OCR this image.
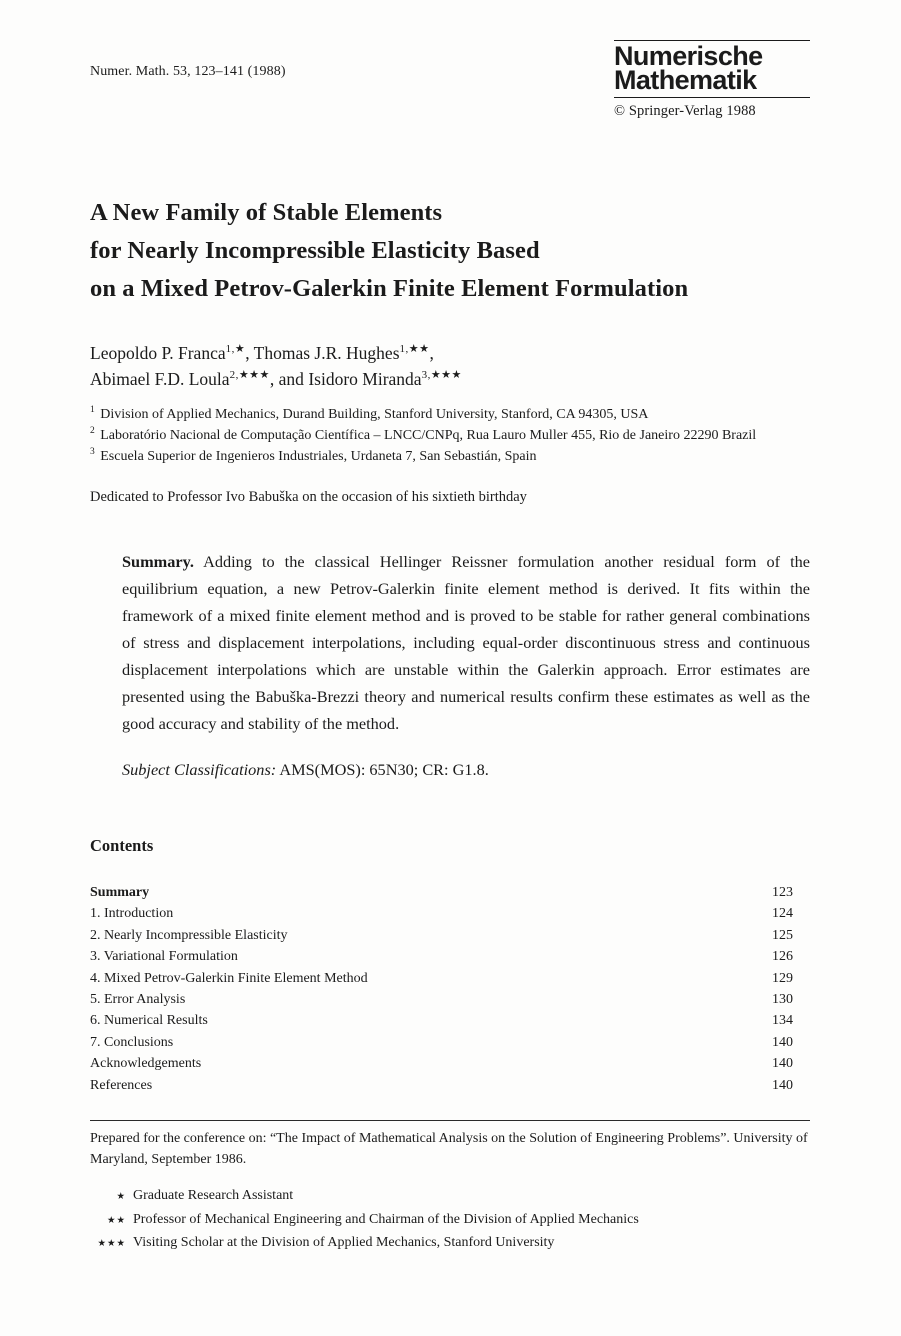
Numer. Math. 53, 123–141 (1988)
Numerische
Mathematik
© Springer-Verlag 1988
A New Family of Stable Elements
for Nearly Incompressible Elasticity Based
on a Mixed Petrov-Galerkin Finite Element Formulation

Leopoldo P. Franca$^{1,★}$, Thomas J.R. Hughes$^{1,★★}$,
Abimael F.D. Loula$^{2,★★★}$, and Isidoro Miranda$^{3,★★★}$

$^1$ Division of Applied Mechanics, Durand Building, Stanford University, Stanford, CA 94305, USA

$^2$ Laboratório Nacional de Computação Científica – LNCC/CNPq, Rua Lauro Muller 455, Rio de Janeiro 22290 Brazil

$^3$ Escuela Superior de Ingenieros Industriales, Urdaneta 7, San Sebastián, Spain

Dedicated to Professor Ivo Babuška on the occasion of his sixtieth birthday

Summary. Adding to the classical Hellinger Reissner formulation another residual form of the equilibrium equation, a new Petrov-Galerkin finite element method is derived. It fits within the framework of a mixed finite element method and is proved to be stable for rather general combinations of stress and displacement interpolations, including equal-order discontinuous stress and continuous displacement interpolations which are unstable within the Galerkin approach. Error estimates are presented using the Babuška-Brezzi theory and numerical results confirm these estimates as well as the good accuracy and stability of the method.

Subject Classifications: AMS(MOS): 65N30; CR: G1.8.

Contents
Summary	123
1. Introduction	124
2. Nearly Incompressible Elasticity	125
3. Variational Formulation	126
4. Mixed Petrov-Galerkin Finite Element Method	129
5. Error Analysis	130
6. Numerical Results	134
7. Conclusions	140
Acknowledgements	140
References	140

Prepared for the conference on: “The Impact of Mathematical Analysis on the Solution of Engineering Problems”. University of Maryland, September 1986.

★ Graduate Research Assistant
★★ Professor of Mechanical Engineering and Chairman of the Division of Applied Mechanics
★★★ Visiting Scholar at the Division of Applied Mechanics, Stanford University
